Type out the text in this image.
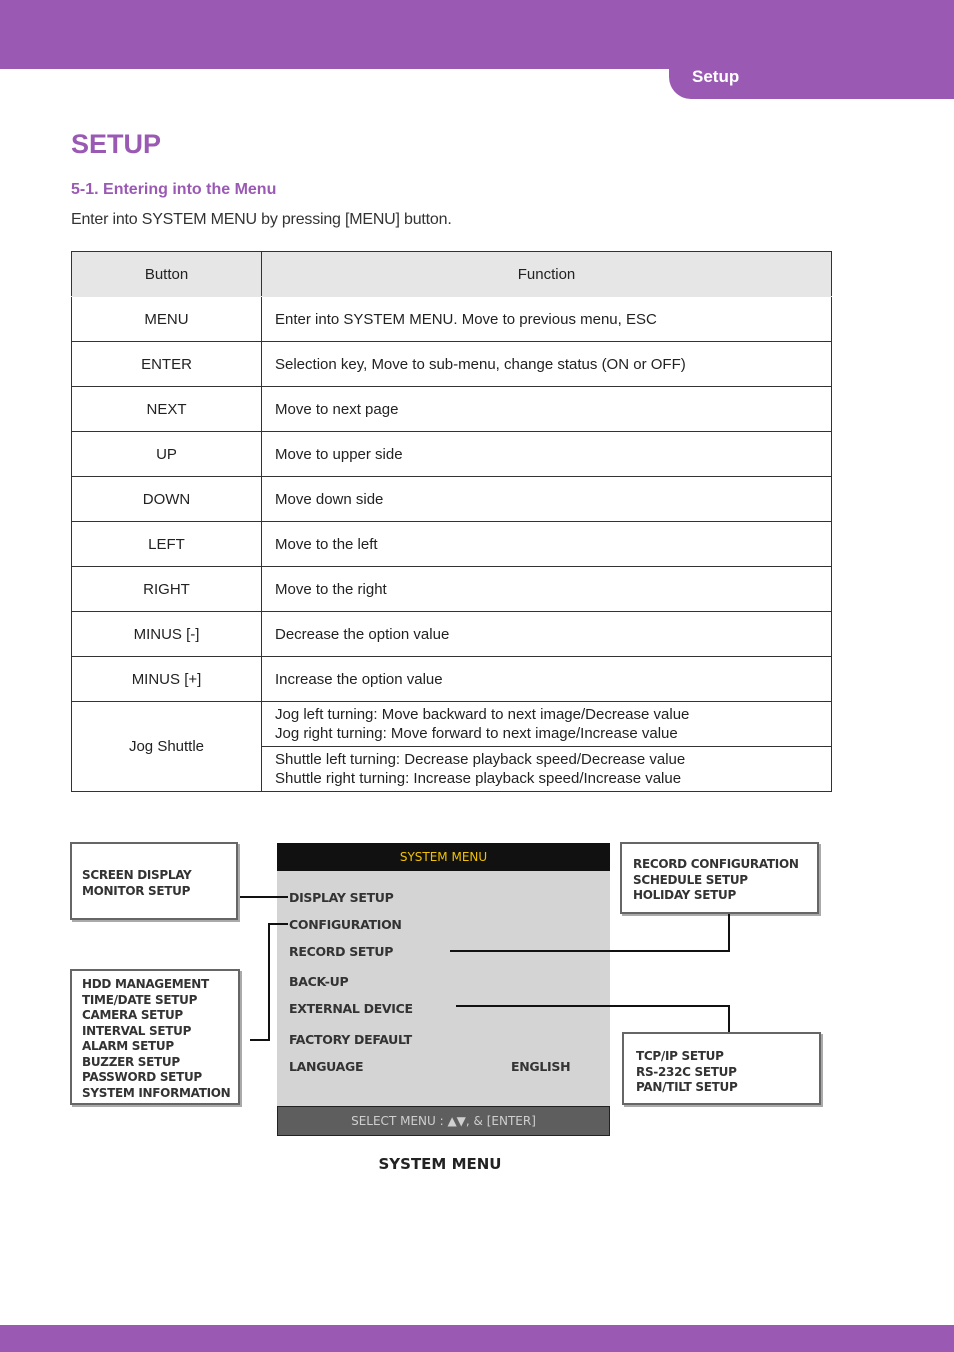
Setup
SETUP
5-1. Entering into the Menu
Enter into SYSTEM MENU by pressing [MENU] button.
Button	Function
MENU	Enter into SYSTEM MENU. Move to previous menu, ESC
ENTER	Selection key, Move to sub-menu, change status (ON or OFF)
NEXT	Move to next page
UP	Move to upper side
DOWN	Move down side
LEFT	Move to the left
RIGHT	Move to the right
MINUS [-]	Decrease the option value
MINUS [+]	Increase the option value
Jog Shuttle	Jog left turning: Move backward to next image/Decrease value
Jog right turning: Move forward to next image/Increase value

	Shuttle left turning: Decrease playback speed/Decrease value
Shuttle right turning: Increase playback speed/Increase value
SCREEN DISPLAY
MONITOR SETUP
HDD MANAGEMENT
TIME/DATE SETUP
CAMERA SETUP
INTERVAL SETUP
ALARM SETUP
BUZZER SETUP
PASSWORD SETUP
SYSTEM INFORMATION
SYSTEM MENU
DISPLAY SETUP
CONFIGURATION
RECORD SETUP
BACK-UP
EXTERNAL DEVICE
FACTORY DEFAULT
LANGUAGE	ENGLISH
SELECT MENU : ▲▼, & [ENTER]
RECORD CONFIGURATION
SCHEDULE SETUP
HOLIDAY SETUP
TCP/IP SETUP
RS-232C SETUP
PAN/TILT SETUP
SYSTEM MENU
